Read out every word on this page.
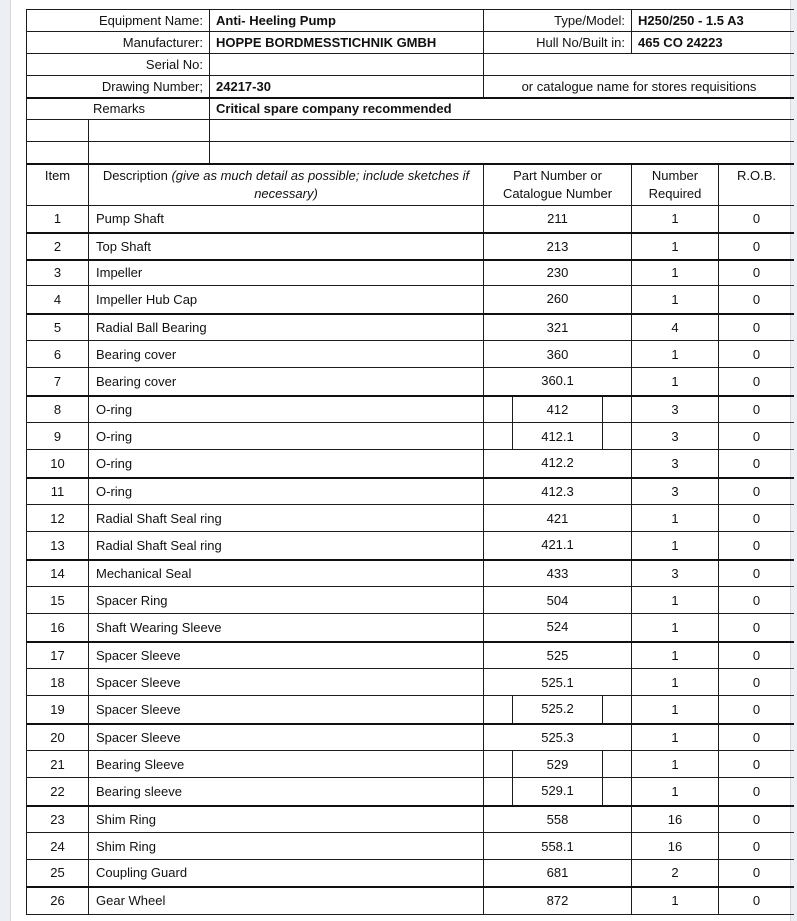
Equipment Name:		Anti- Heeling Pump	Type/Model:	H250/250 - 1.5 A3	
Manufacturer:		HOPPE BORDMESSTICHNIK GMBH	Hull No/Built in:	465 CO 24223	
Serial No:					
Drawing Number;		24217-30	or catalogue name for stores requisitions		
Remarks		Critical spare company recommended			

Item	Description (give as much detail as possible; include sketches if necessary)		Part Number or Catalogue Number	Number Required	R.O.B.
1	Pump Shaft		211	1	0
2	Top Shaft		213	1	0
3	Impeller		230	1	0
4	Impeller Hub Cap		260	1	0
5	Radial Ball Bearing		321	4	0
6	Bearing cover		360	1	0
7	Bearing cover		360.1	1	0
8	O-ring		412	3	0
9	O-ring		412.1	3	0
10	O-ring		412.2	3	0
11	O-ring		412.3	3	0
12	Radial Shaft Seal ring		421	1	0
13	Radial Shaft Seal ring		421.1	1	0
14	Mechanical Seal		433	3	0
15	Spacer Ring		504	1	0
16	Shaft Wearing Sleeve		524	1	0
17	Spacer Sleeve		525	1	0
18	Spacer Sleeve		525.1	1	0
19	Spacer Sleeve		525.2	1	0
20	Spacer Sleeve		525.3	1	0
21	Bearing Sleeve		529	1	0
22	Bearing sleeve		529.1	1	0
23	Shim Ring		558	16	0
24	Shim Ring		558.1	16	0
25	Coupling Guard		681	2	0
26	Gear Wheel		872	1	0
